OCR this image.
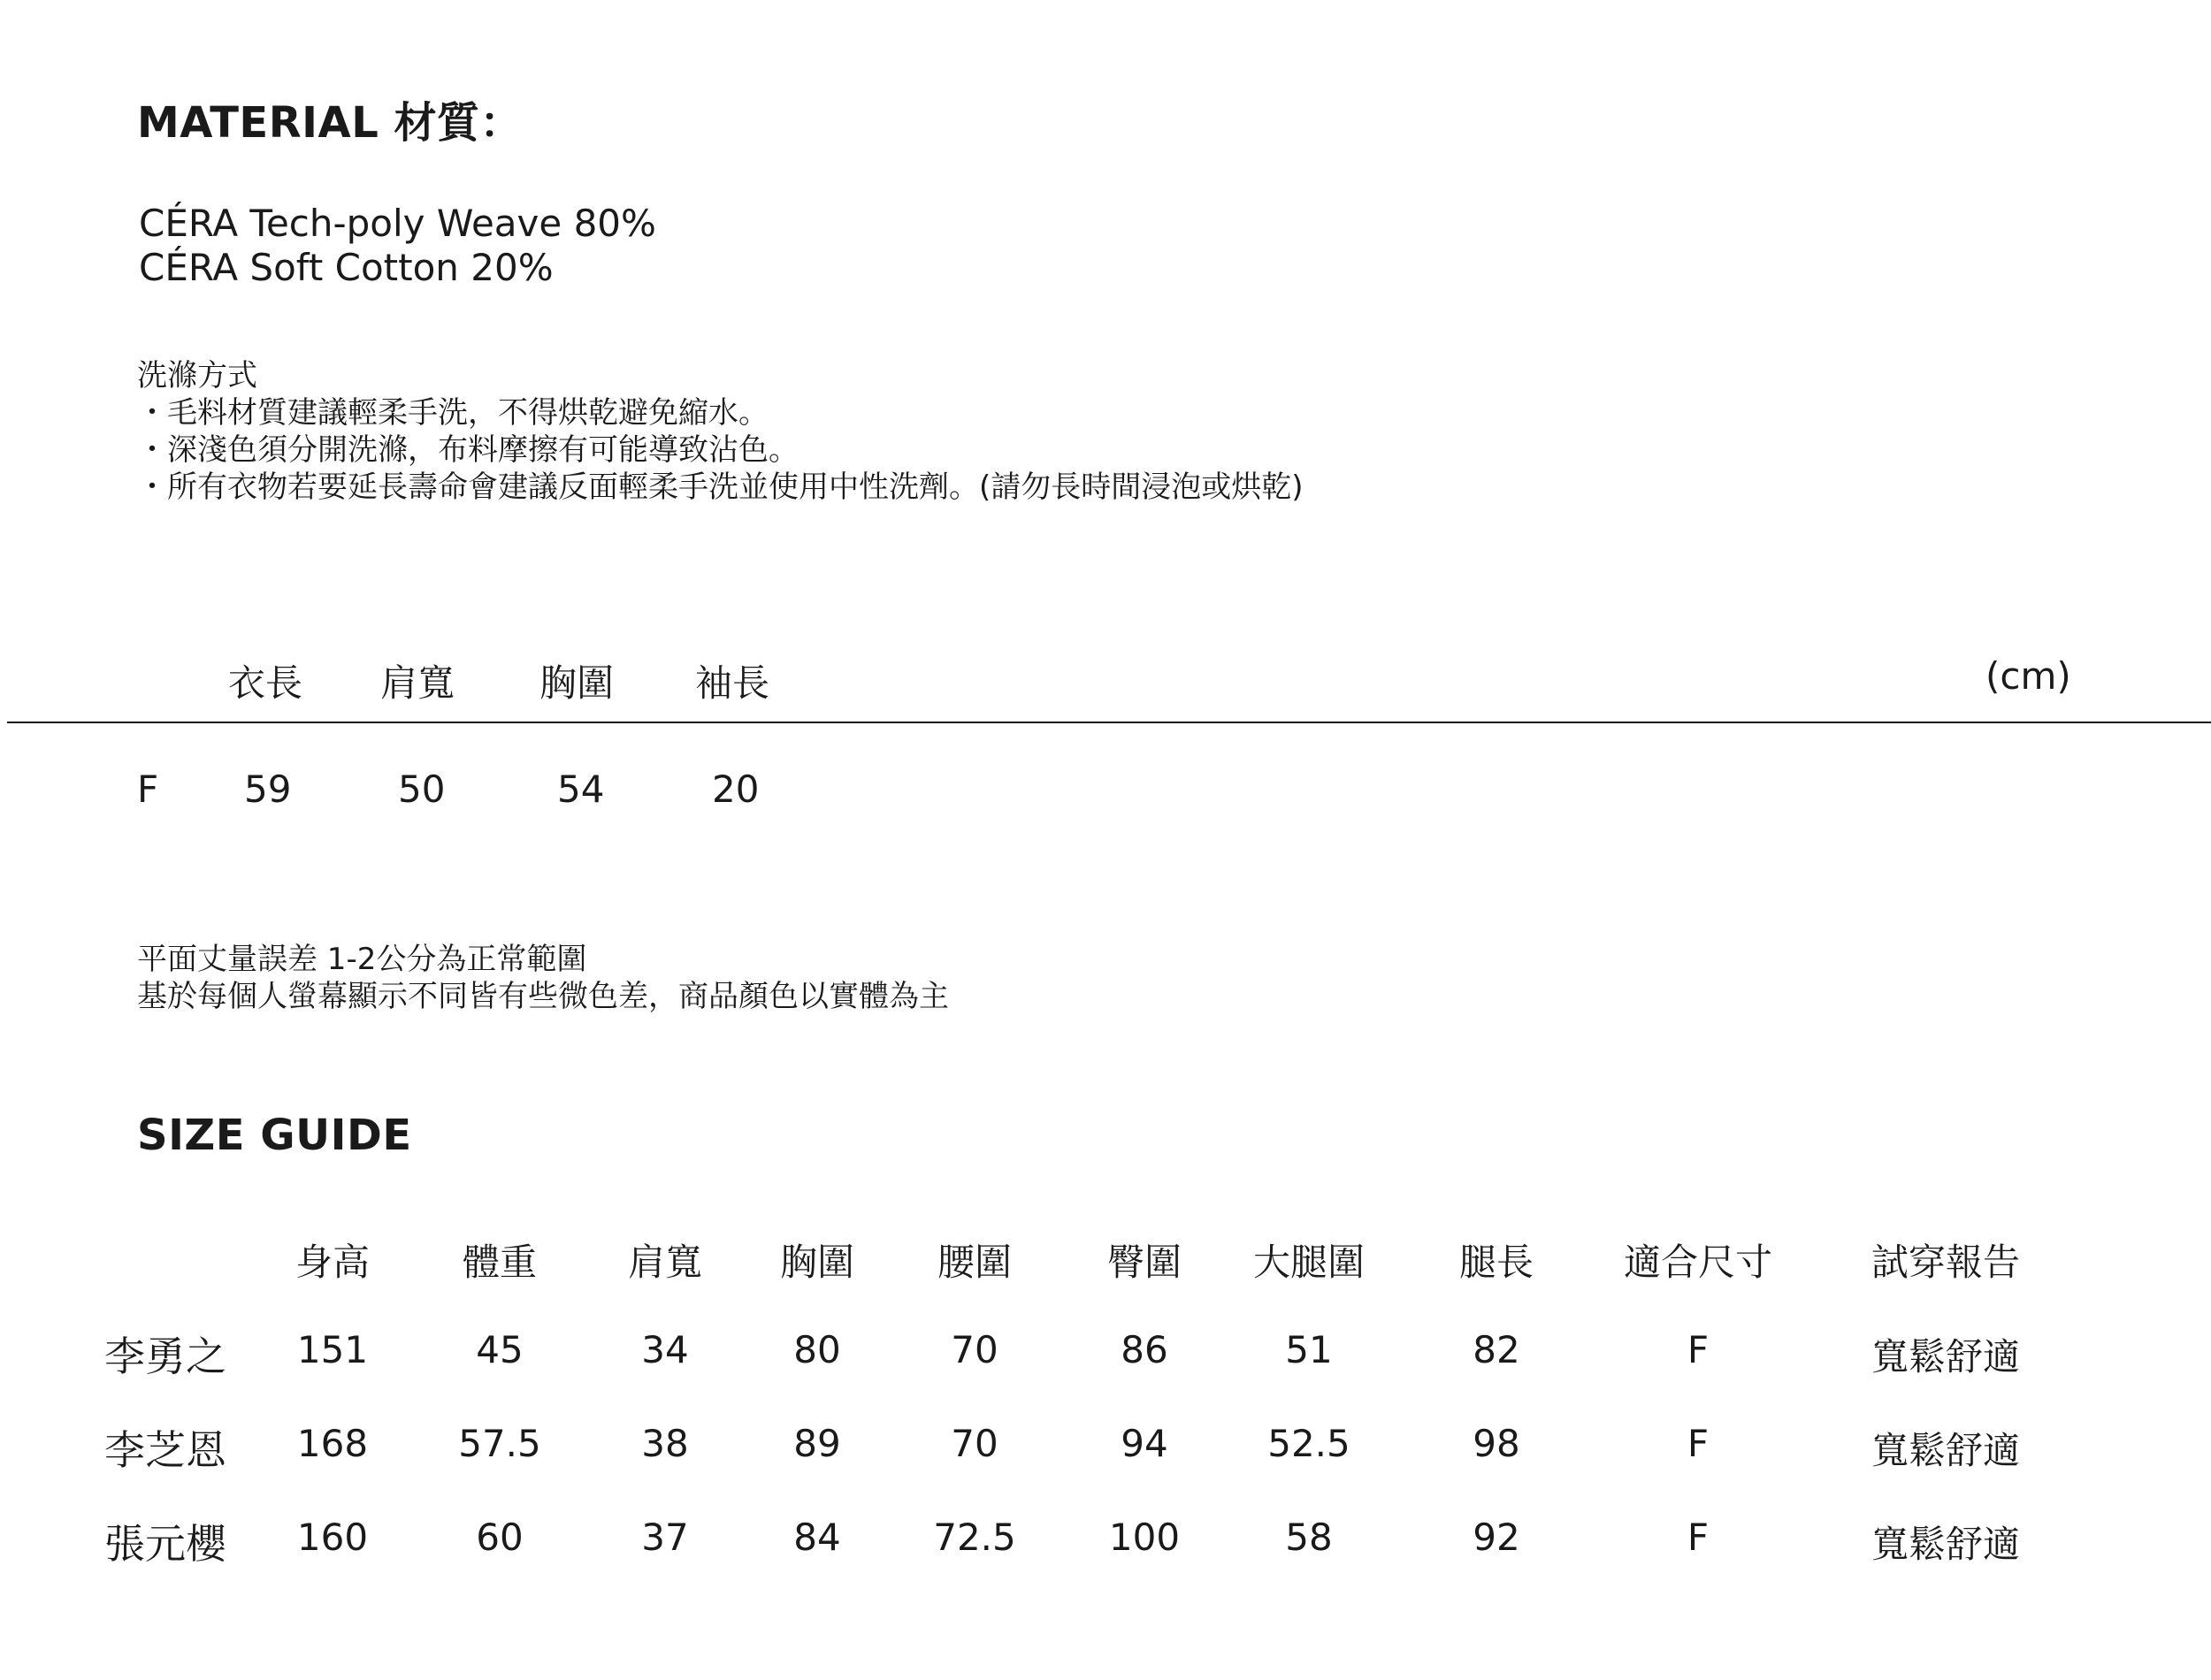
MATERIAL 材質：
CÉRA Tech-poly Weave 80%
CÉRA Soft Cotton 20%
洗滌方式
・毛料材質建議輕柔手洗，不得烘乾避免縮水。
・深淺色須分開洗滌，布料摩擦有可能導致沾色。
・所有衣物若要延長壽命會建議反面輕柔手洗並使用中性洗劑。(請勿長時間浸泡或烘乾)
衣長 肩寬 胸圍 袖長	(cm)
F 59	50	54	20
平面丈量誤差 1-2公分為正常範圍
基於每個人螢幕顯示不同皆有些微色差，商品顏色以實體為主
SIZE GUIDE
身高 體重 肩寬 胸圍 腰圍	臀圍 大腿圍	腿長 適合尺寸	試穿報告
李勇之 151	45	34	80	70	86	51	82	F	寬鬆舒適
李芝恩 168 57.5	38	89	70	94	52.5	98	F	寬鬆舒適
張元櫻 160	60	37	84 72.5	100	58	92	F	寬鬆舒適
